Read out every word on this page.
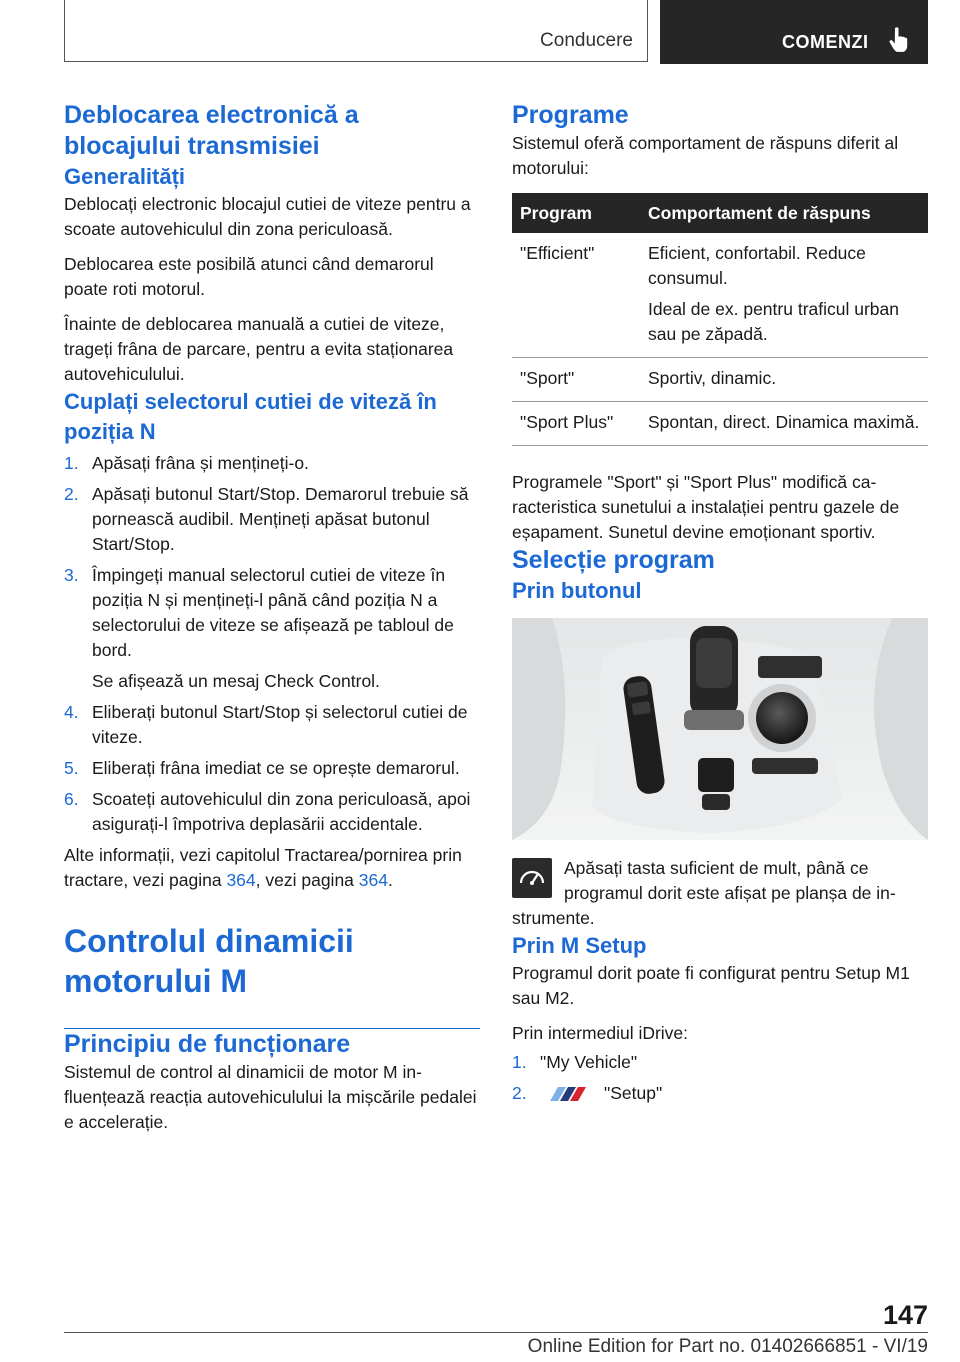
Conducere	COMENZI
Deblocarea electronică a blocajului transmisiei
Generalități

Deblocați electronic blocajul cutiei de viteze pentru a scoate autovehiculul din zona periculoasă.

Deblocarea este posibilă atunci când demarorul poate roti motorul.

Înainte de deblocarea manuală a cutiei de viteze, trageți frâna de parcare, pentru a evita staționarea autovehiculului.

Cuplați selectorul cutiei de viteză în poziția N
1. Apăsați frâna și mențineți-o.
2. Apăsați butonul Start/Stop. Demarorul trebuie să pornească audibil. Mențineți apăsat butonul Start/Stop.
3. Împingeți manual selectorul cutiei de viteze în poziția N și mențineți-l până când poziția N a selectorului de viteze se afișează pe tabloul de bord.
Se afișează un mesaj Check Control.
4. Eliberați butonul Start/Stop și selectorul cutiei de viteze.
5. Eliberați frâna imediat ce se oprește demarorul.
6. Scoateți autovehiculul din zona periculoasă, apoi asigurați-l împotriva deplasării accidentale.

Alte informații, vezi capitolul Tractarea/pornirea prin tractare, vezi pagina 364, vezi pagina 364.

Controlul dinamicii motorului M
Principiu de funcționare

Sistemul de control al dinamicii de motor M influențează reacția autovehiculului la mișcările pedalei e accelerație.

Programe

Sistemul oferă comportament de răspuns diferit al motorului:

Program	Comportament de răspuns
"Efficient"	Eficient, confortabil. Reduce consumul.
Ideal de ex. pentru traficul urban sau pe zăpadă.

"Sport"	Sportiv, dinamic.
"Sport Plus"	Spontan, direct. Dinamica maximă.

Programele "Sport" și "Sport Plus" modifică caracteristica sunetului a instalației pentru gazele de eșapament. Sunetul devine emoționant sportiv.

Selecție program
Prin butonul

Apăsați tasta suficient de mult, până ce programul dorit este afișat pe planșa de instrumente.

Prin M Setup

Programul dorit poate fi configurat pentru Setup M1 sau M2.

Prin intermediul iDrive:

1. "My Vehicle"
2.	"Setup"
147
Online Edition for Part no. 01402666851 - VI/19
